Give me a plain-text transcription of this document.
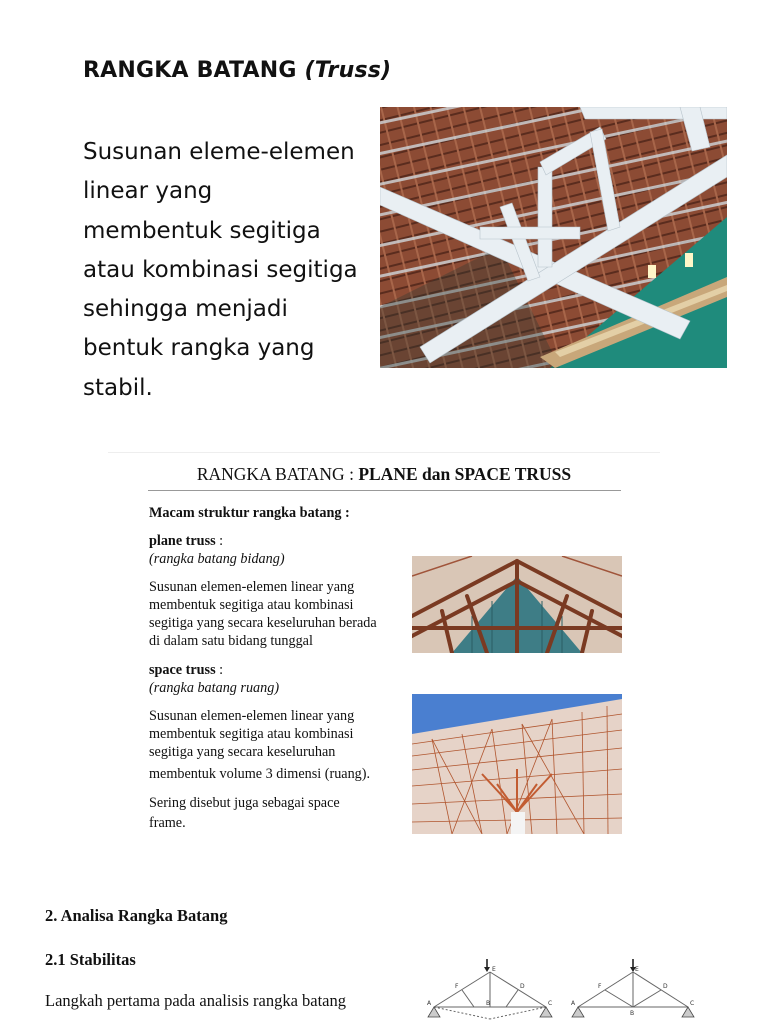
RANGKA BATANG (Truss)
Susunan eleme-elemen
linear yang
membentuk segitiga
atau kombinasi segitiga
sehingga menjadi
bentuk rangka yang
stabil.
RANGKA BATANG : PLANE dan SPACE TRUSS
Macam struktur rangka batang :
plane truss :
(rangka batang bidang)
Susunan elemen-elemen linear yang
membentuk segitiga atau kombinasi
segitiga yang secara keseluruhan berada
di dalam satu bidang tunggal
space truss :
(rangka batang ruang)
Susunan elemen-elemen linear yang
membentuk segitiga atau kombinasi
segitiga yang secara keseluruhan
membentuk volume 3 dimensi (ruang).
Sering disebut juga sebagai space
frame.
2. Analisa Rangka Batang
2.1 Stabilitas
Langkah pertama pada analisis rangka batang	A	B	C
D
E
F
A
B
C
D
E
F
